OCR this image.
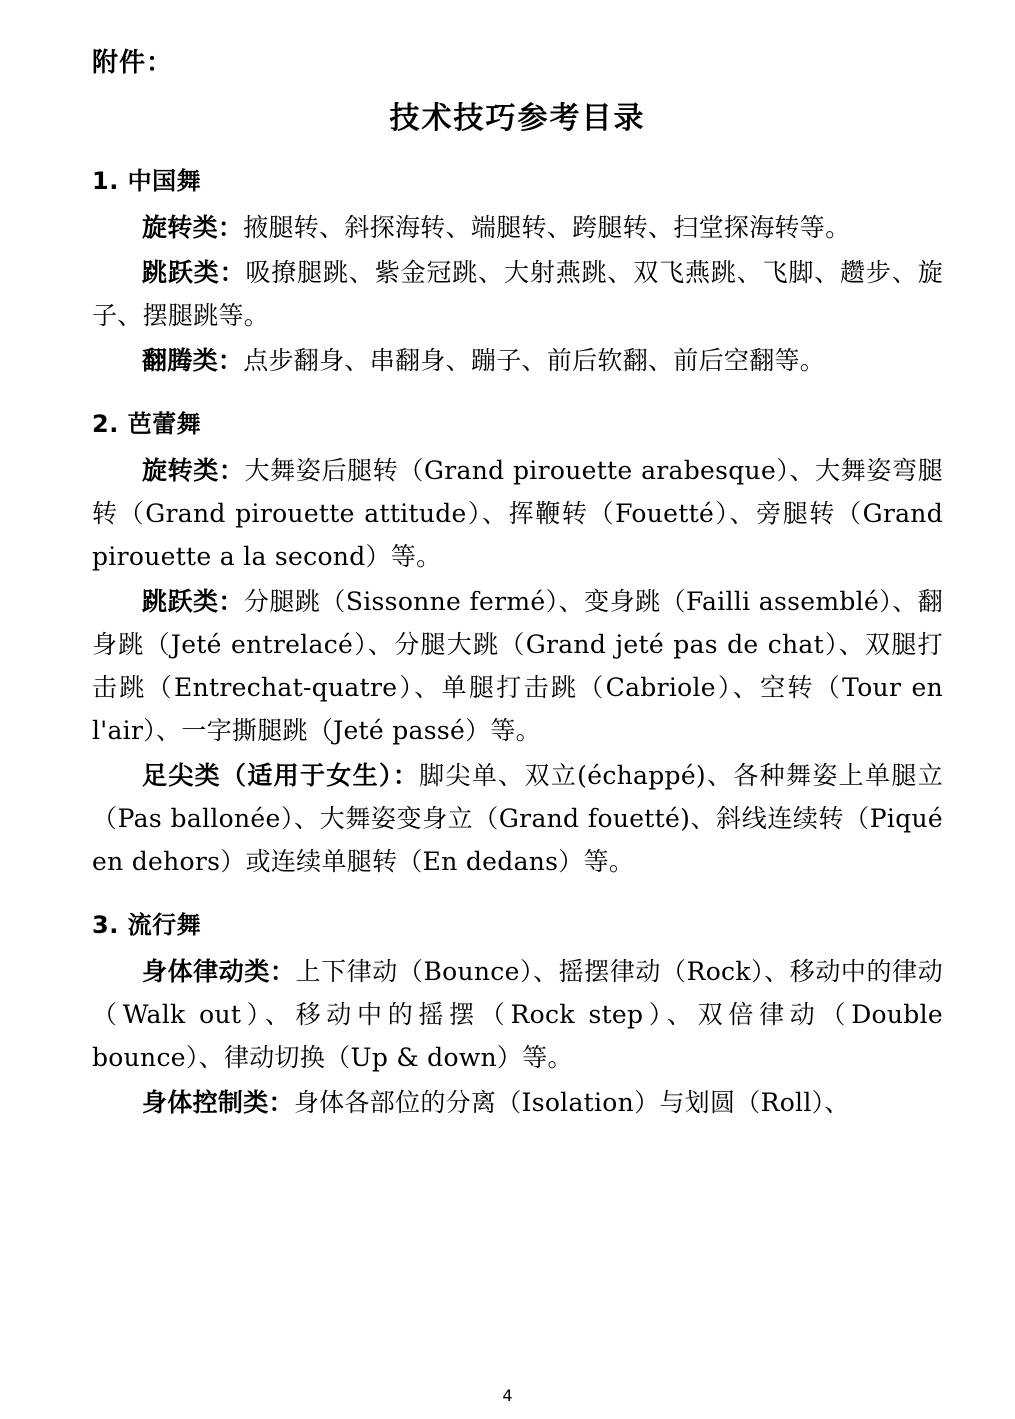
附件：
技术技巧参考目录
1. 中国舞

旋转类：掖腿转、斜探海转、端腿转、跨腿转、扫堂探海转等。

跳跃类：吸撩腿跳、紫金冠跳、大射燕跳、双飞燕跳、飞脚、趱步、旋子、摆腿跳等。

翻腾类：点步翻身、串翻身、蹦子、前后软翻、前后空翻等。

2. 芭蕾舞

旋转类：大舞姿后腿转（Grand pirouette arabesque）、大舞姿弯腿转（Grand pirouette attitude）、挥鞭转（Fouetté）、旁腿转（Grand pirouette a la second）等。

跳跃类：分腿跳（Sissonne fermé）、变身跳（Failli assemblé）、翻身跳（Jeté entrelacé）、分腿大跳（Grand jeté pas de chat）、双腿打击跳（Entrechat-quatre）、单腿打击跳（Cabriole）、空转（Tour en l'air）、一字撕腿跳（Jeté passé）等。

足尖类（适用于女生）：脚尖单、双立(échappé)、各种舞姿上单腿立（Pas ballonée）、大舞姿变身立（Grand fouetté)、斜线连续转（Piqué en dehors）或连续单腿转（En dedans）等。

3. 流行舞

身体律动类：上下律动（Bounce）、摇摆律动（Rock）、移动中的律动（Walk out）、移动中的摇摆（Rock step）、双倍律动（Double bounce）、律动切换（Up & down）等。

身体控制类：身体各部位的分离（Isolation）与划圆（Roll）、

4
